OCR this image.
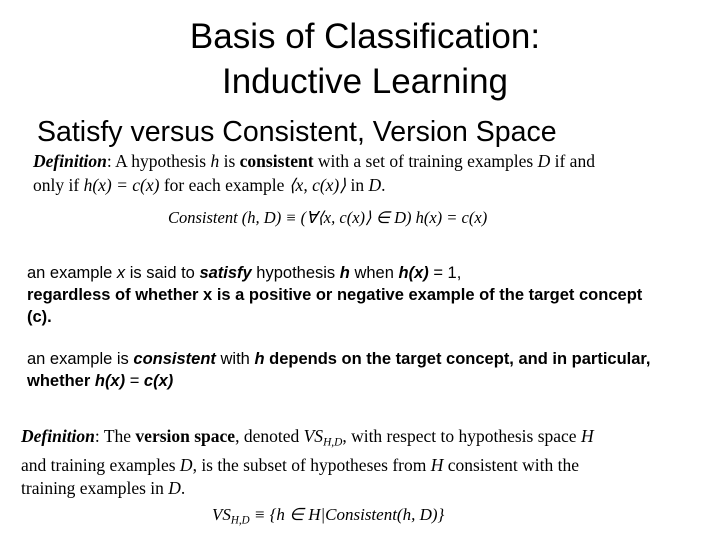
Basis of Classification:
Inductive Learning
Satisfy versus Consistent, Version Space
Definition: A hypothesis h is consistent with a set of training examples D if and
only if h(x) = c(x) for each example ⟨x, c(x)⟩ in D.
Consistent (h, D) ≡ (∀⟨x, c(x)⟩ ∈ D) h(x) = c(x)
an example x is said to satisfy hypothesis h when h(x) = 1,
regardless of whether x is a positive or negative example of the target concept (c).
an example is consistent with h depends on the target concept, and in particular, whether h(x) = c(x)
Definition: The version space, denoted $VS_{H,D}$, with respect to hypothesis space H
and training examples D, is the subset of hypotheses from H consistent with the
training examples in D.
$VS_{H,D} \equiv \{h$ ∈ H|Consistent(h, D)}
